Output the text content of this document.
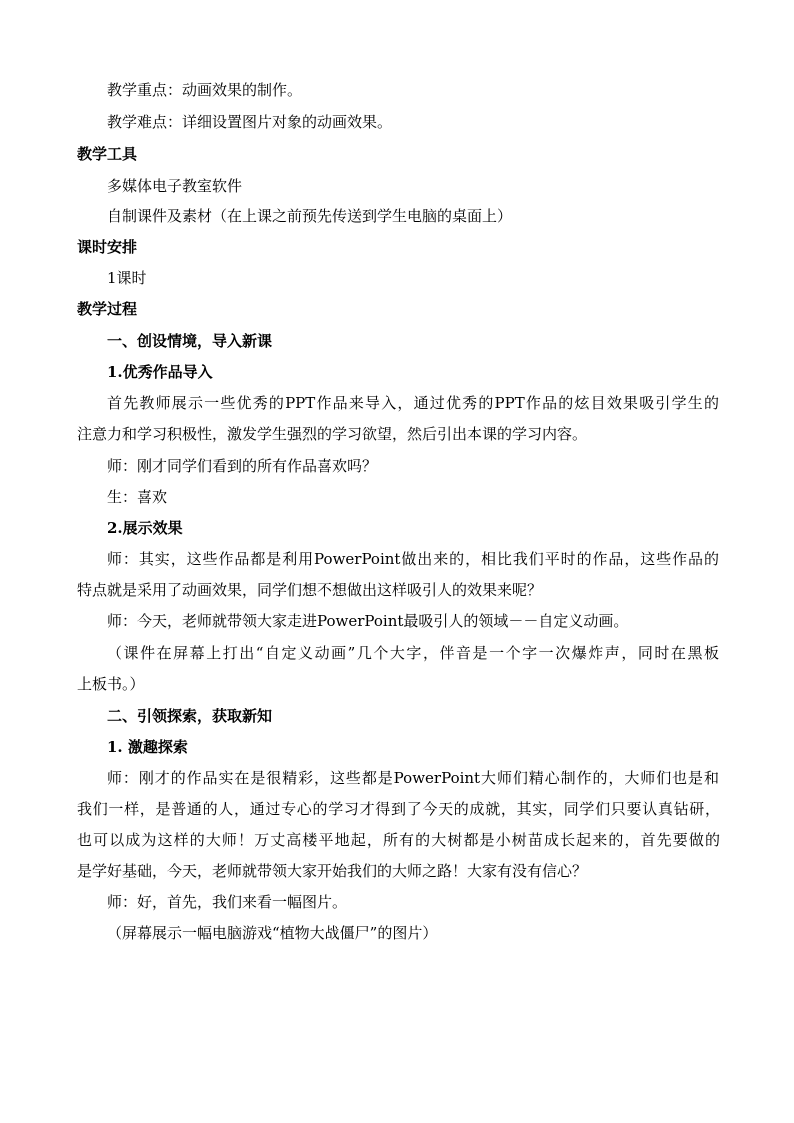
教学重点：动画效果的制作。
教学难点：详细设置图片对象的动画效果。
教学工具
多媒体电子教室软件
自制课件及素材（在上课之前预先传送到学生电脑的桌面上）
课时安排
1课时
教学过程
一、创设情境，导入新课
1.优秀作品导入
首先教师展示一些优秀的PPT作品来导入，通过优秀的PPT作品的炫目效果吸引学生的
注意力和学习积极性，激发学生强烈的学习欲望，然后引出本课的学习内容。
师：刚才同学们看到的所有作品喜欢吗？
生：喜欢
2.展示效果
师：其实，这些作品都是利用PowerPoint做出来的，相比我们平时的作品，这些作品的
特点就是采用了动画效果，同学们想不想做出这样吸引人的效果来呢？
师：今天，老师就带领大家走进PowerPoint最吸引人的领域－－自定义动画。
（课件在屏幕上打出“自定义动画”几个大字，伴音是一个字一次爆炸声，同时在黑板
上板书。）
二、引领探索，获取新知
1. 激趣探索
师：刚才的作品实在是很精彩，这些都是PowerPoint大师们精心制作的，大师们也是和
我们一样，是普通的人，通过专心的学习才得到了今天的成就，其实，同学们只要认真钻研，
也可以成为这样的大师！万丈高楼平地起，所有的大树都是小树苗成长起来的，首先要做的
是学好基础，今天，老师就带领大家开始我们的大师之路！大家有没有信心？
师：好，首先，我们来看一幅图片。
（屏幕展示一幅电脑游戏“植物大战僵尸”的图片）
